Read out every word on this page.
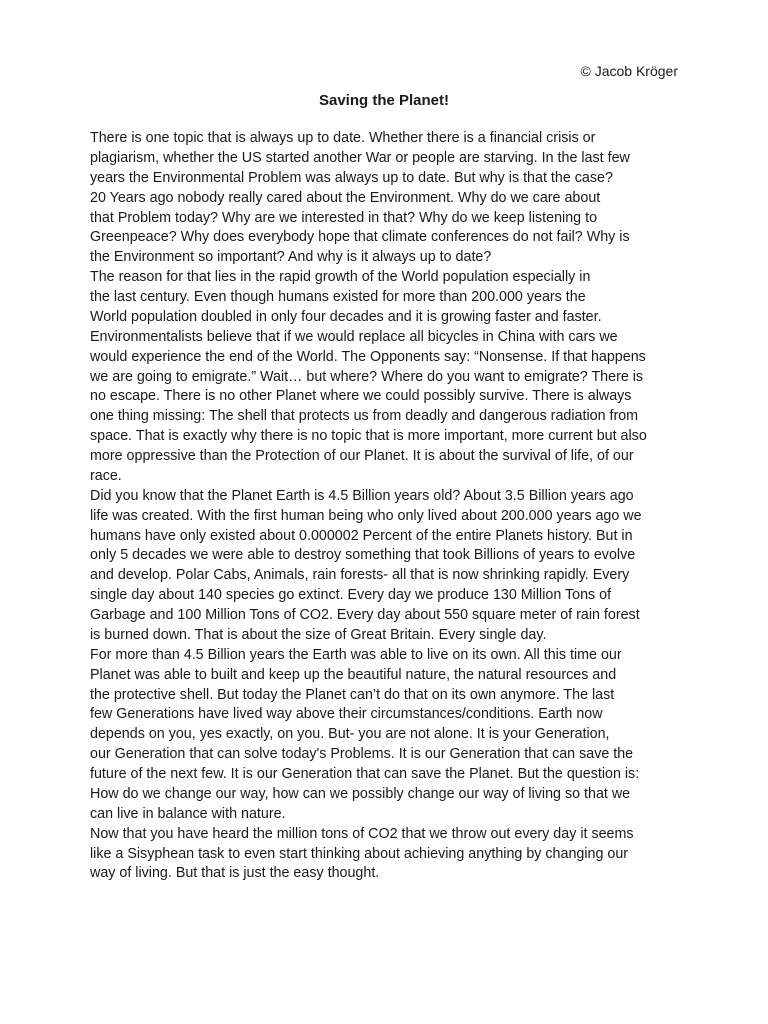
© Jacob Kröger
Saving the Planet!
There is one topic that is always up to date. Whether there is a financial crisis or
plagiarism, whether the US started another War or people are starving. In the last few
years the Environmental Problem was always up to date. But why is that the case?
20 Years ago nobody really cared about the Environment. Why do we care about
that Problem today? Why are we interested in that? Why do we keep listening to
Greenpeace? Why does everybody hope that climate conferences do not fail? Why is
the Environment so important? And why is it always up to date?
The reason for that lies in the rapid growth of the World population especially in
the last century. Even though humans existed for more than 200.000 years the
World population doubled in only four decades and it is growing faster and faster.
Environmentalists believe that if we would replace all bicycles in China with cars we
would experience the end of the World. The Opponents say: “Nonsense. If that happens
we are going to emigrate.” Wait… but where? Where do you want to emigrate? There is
no escape. There is no other Planet where we could possibly survive. There is always
one thing missing: The shell that protects us from deadly and dangerous radiation from
space. That is exactly why there is no topic that is more important, more current but also
more oppressive than the Protection of our Planet. It is about the survival of life, of our
race.
Did you know that the Planet Earth is 4.5 Billion years old? About 3.5 Billion years ago
life was created. With the first human being who only lived about 200.000 years ago we
humans have only existed about 0.000002 Percent of the entire Planets history. But in
only 5 decades we were able to destroy something that took Billions of years to evolve
and develop. Polar Cabs, Animals, rain forests- all that is now shrinking rapidly. Every
single day about 140 species go extinct. Every day we produce 130 Million Tons of
Garbage and 100 Million Tons of CO2. Every day about 550 square meter of rain forest
is burned down. That is about the size of Great Britain. Every single day.
For more than 4.5 Billion years the Earth was able to live on its own. All this time our
Planet was able to built and keep up the beautiful nature, the natural resources and
the protective shell. But today the Planet can’t do that on its own anymore. The last
few Generations have lived way above their circumstances/conditions. Earth now
depends on you, yes exactly, on you. But- you are not alone. It is your Generation,
our Generation that can solve today's Problems. It is our Generation that can save the
future of the next few. It is our Generation that can save the Planet. But the question is:
How do we change our way, how can we possibly change our way of living so that we
can live in balance with nature.
Now that you have heard the million tons of CO2 that we throw out every day it seems
like a Sisyphean task to even start thinking about achieving anything by changing our
way of living. But that is just the easy thought.
